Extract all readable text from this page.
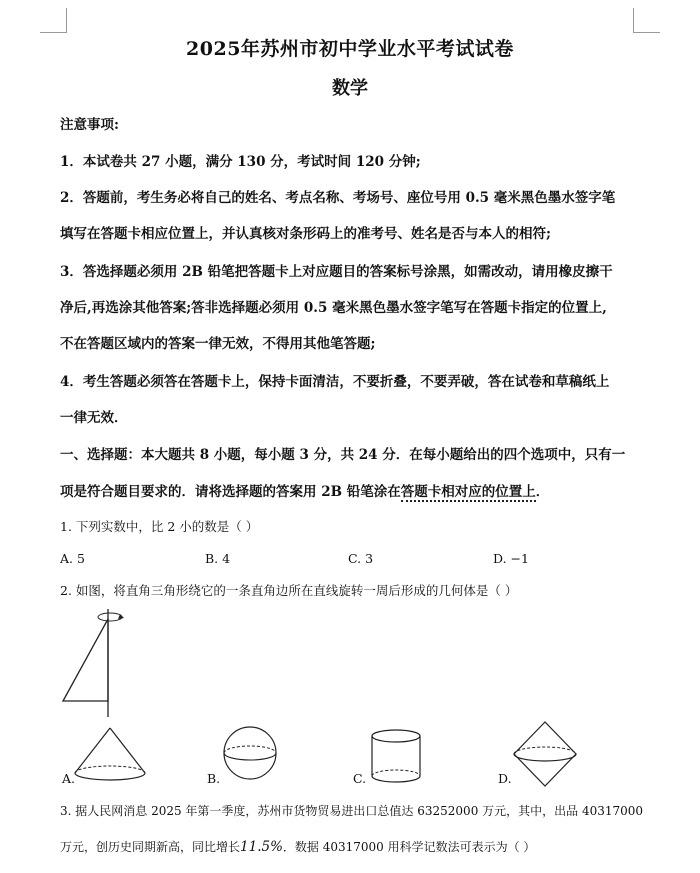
2025年苏州市初中学业水平考试试卷
数学
注意事项:
1．本试卷共 27 小题，满分 130 分，考试时间 120 分钟;
2．答题前，考生务必将自己的姓名、考点名称、考场号、座位号用 0.5 毫米黑色墨水签字笔
填写在答题卡相应位置上，并认真核对条形码上的准考号、姓名是否与本人的相符;
3．答选择题必须用 2B 铅笔把答题卡上对应题目的答案标号涂黑，如需改动，请用橡皮擦干
净后,再选涂其他答案;答非选择题必须用 0.5 毫米黑色墨水签字笔写在答题卡指定的位置上,
不在答题区域内的答案一律无效，不得用其他笔答题;
4．考生答题必须答在答题卡上，保持卡面清洁，不要折叠，不要弄破，答在试卷和草稿纸上
一律无效．
一、选择题：本大题共 8 小题，每小题 3 分，共 24 分．在每小题给出的四个选项中，只有一
项是符合题目要求的．请将选择题的答案用 2B 铅笔涂在答题卡相对应的位置上．
1. 下列实数中，比 2 小的数是（ ）
A. 5	B. 4	C. 3	D. −1
2. 如图，将直角三角形绕它的一条直角边所在直线旋转一周后形成的几何体是（ ）
A.	B.	C.	D.
3. 据人民网消息 2025 年第一季度，苏州市货物贸易进出口总值达 63252000 万元，其中，出品 40317000
万元，创历史同期新高，同比增长11.5%．数据 40317000 用科学记数法可表示为（ ）
